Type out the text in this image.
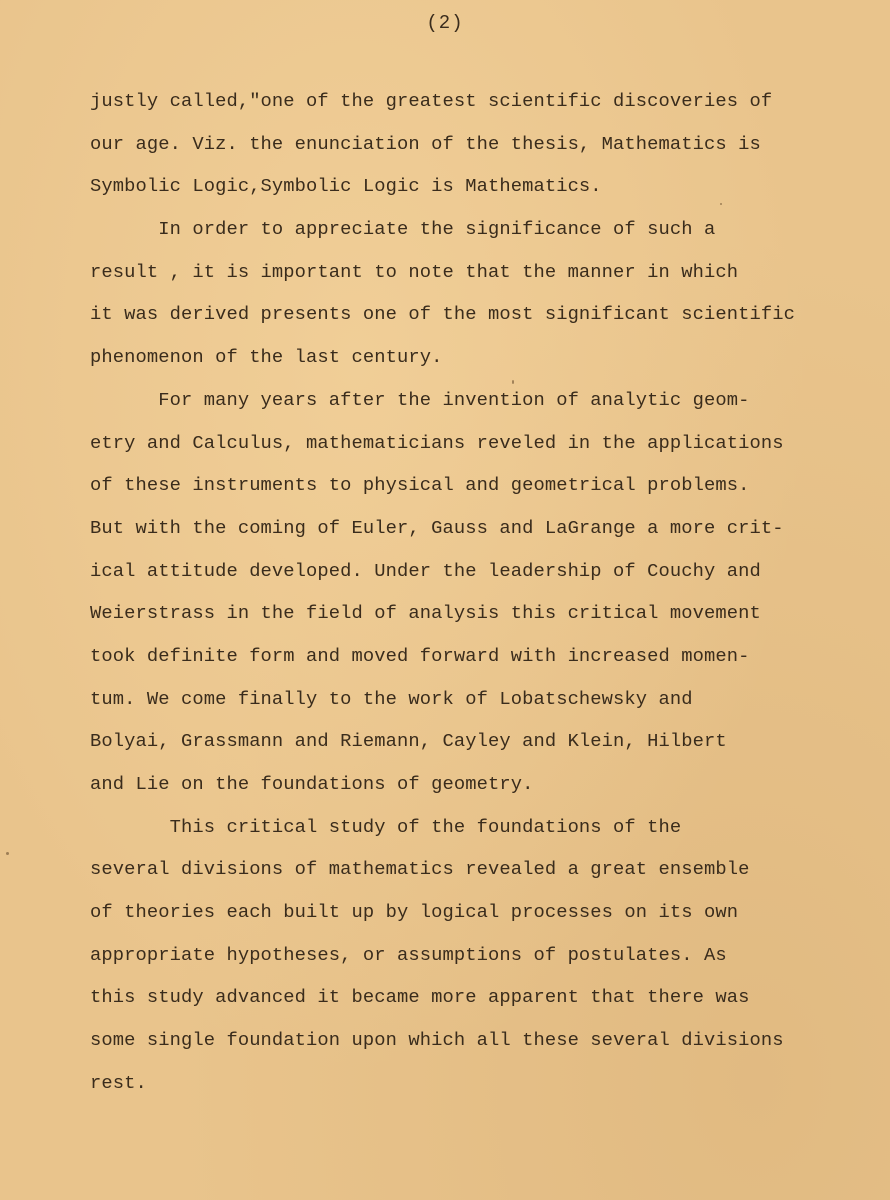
(2)
justly called,"one of the greatest scientific discoveries of
our age. Viz. the enunciation of the thesis, Mathematics is
Symbolic Logic,Symbolic Logic is Mathematics.
In order to appreciate the significance of such a
result , it is important to note that the manner in which
it was derived presents one of the most significant scientific
phenomenon of the last century.
For many years after the invention of analytic geom-
etry and Calculus, mathematicians reveled in the applications
of these instruments to physical and geometrical problems.
But with the coming of Euler, Gauss and LaGrange a more crit-
ical attitude developed. Under the leadership of Couchy and
Weierstrass in the field of analysis this critical movement
took definite form and moved forward with increased momen-
tum. We come finally to the work of Lobatschewsky and
Bolyai, Grassmann and Riemann, Cayley and Klein, Hilbert
and Lie on the foundations of geometry.
This critical study of the foundations of the
several divisions of mathematics revealed a great ensemble
of theories each built up by logical processes on its own
appropriate hypotheses, or assumptions of postulates. As
this study advanced it became more apparent that there was
some single foundation upon which all these several divisions
rest.
